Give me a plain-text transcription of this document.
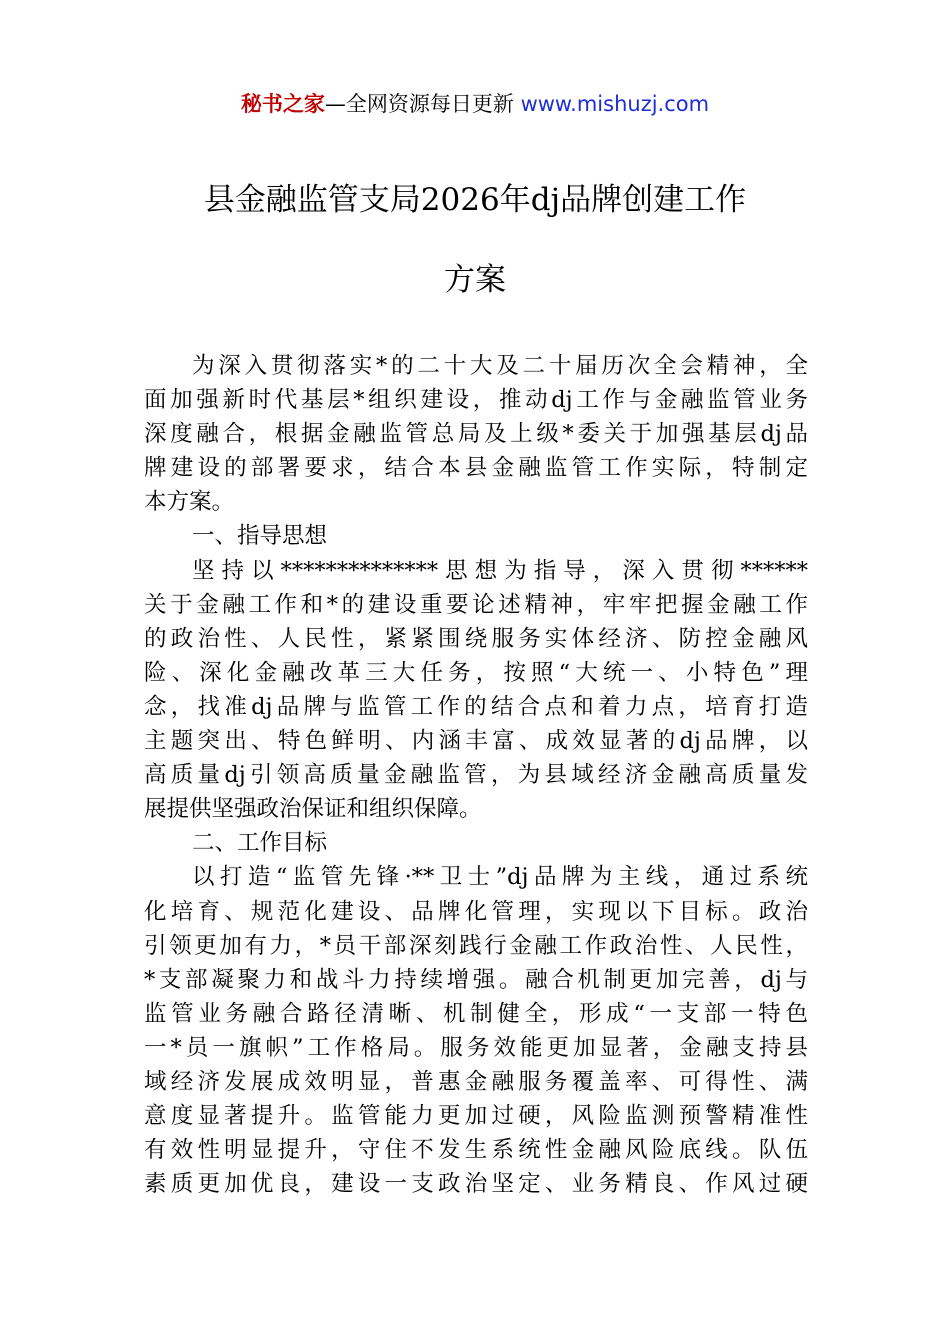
秘书之家—全网资源每日更新 www.mishuzj.com
县金融监管支局2026年dj品牌创建工作
方案
为深入贯彻落实*的二十大及二十届历次全会精神，全
面加强新时代基层*组织建设，推动dj工作与金融监管业务
深度融合，根据金融监管总局及上级*委关于加强基层dj品
牌建设的部署要求，结合本县金融监管工作实际，特制定
本方案。
一、指导思想
坚持以**************思想为指导，深入贯彻******
关于金融工作和*的建设重要论述精神，牢牢把握金融工作
的政治性、人民性，紧紧围绕服务实体经济、防控金融风
险、深化金融改革三大任务，按照“大统一、小特色”理
念，找准dj品牌与监管工作的结合点和着力点，培育打造
主题突出、特色鲜明、内涵丰富、成效显著的dj品牌，以
高质量dj引领高质量金融监管，为县域经济金融高质量发
展提供坚强政治保证和组织保障。
二、工作目标
以打造“监管先锋·**卫士”dj品牌为主线，通过系统
化培育、规范化建设、品牌化管理，实现以下目标。政治
引领更加有力，*员干部深刻践行金融工作政治性、人民性，
*支部凝聚力和战斗力持续增强。融合机制更加完善，dj与
监管业务融合路径清晰、机制健全，形成“一支部一特色
一*员一旗帜”工作格局。服务效能更加显著，金融支持县
域经济发展成效明显，普惠金融服务覆盖率、可得性、满
意度显著提升。监管能力更加过硬，风险监测预警精准性
有效性明显提升，守住不发生系统性金融风险底线。队伍
素质更加优良，建设一支政治坚定、业务精良、作风过硬
